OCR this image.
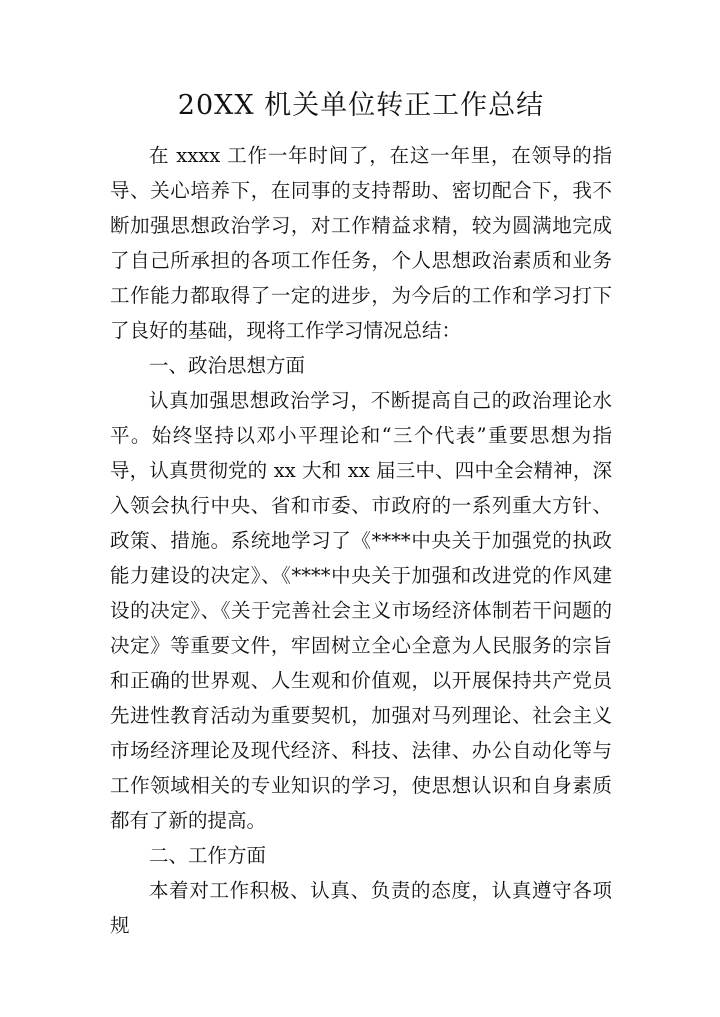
20XX 机关单位转正工作总结

在 xxxx 工作一年时间了，在这一年里，在领导的指导、关心培养下，在同事的支持帮助、密切配合下，我不断加强思想政治学习，对工作精益求精，较为圆满地完成了自己所承担的各项工作任务，个人思想政治素质和业务工作能力都取得了一定的进步，为今后的工作和学习打下了良好的基础，现将工作学习情况总结：

一、政治思想方面

认真加强思想政治学习，不断提高自己的政治理论水平。始终坚持以邓小平理论和“三个代表”重要思想为指导，认真贯彻党的 xx 大和 xx 届三中、四中全会精神，深入领会执行中央、省和市委、市政府的一系列重大方针、政策、措施。系统地学习了《****中央关于加强党的执政能力建设的决定》、《****中央关于加强和改进党的作风建设的决定》、《关于完善社会主义市场经济体制若干问题的决定》等重要文件，牢固树立全心全意为人民服务的宗旨和正确的世界观、人生观和价值观，以开展保持共产党员先进性教育活动为重要契机，加强对马列理论、社会主义市场经济理论及现代经济、科技、法律、办公自动化等与工作领域相关的专业知识的学习，使思想认识和自身素质都有了新的提高。

二、工作方面

本着对工作积极、认真、负责的态度，认真遵守各项规
